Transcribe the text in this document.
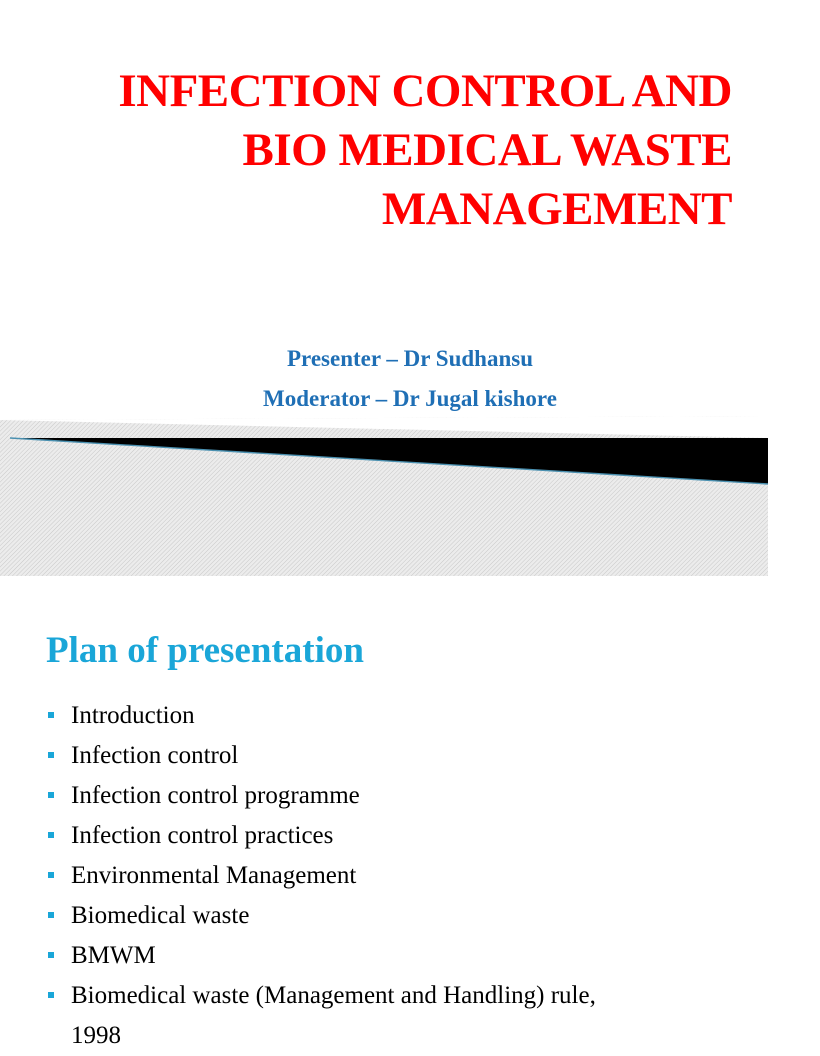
INFECTION CONTROL AND
BIO MEDICAL WASTE
MANAGEMENT
Presenter – Dr Sudhansu
Moderator – Dr Jugal kishore
Plan of presentation
Introduction
Infection control
Infection control programme
Infection control practices
Environmental Management
Biomedical waste
BMWM
Biomedical waste (Management and Handling) rule,
1998
